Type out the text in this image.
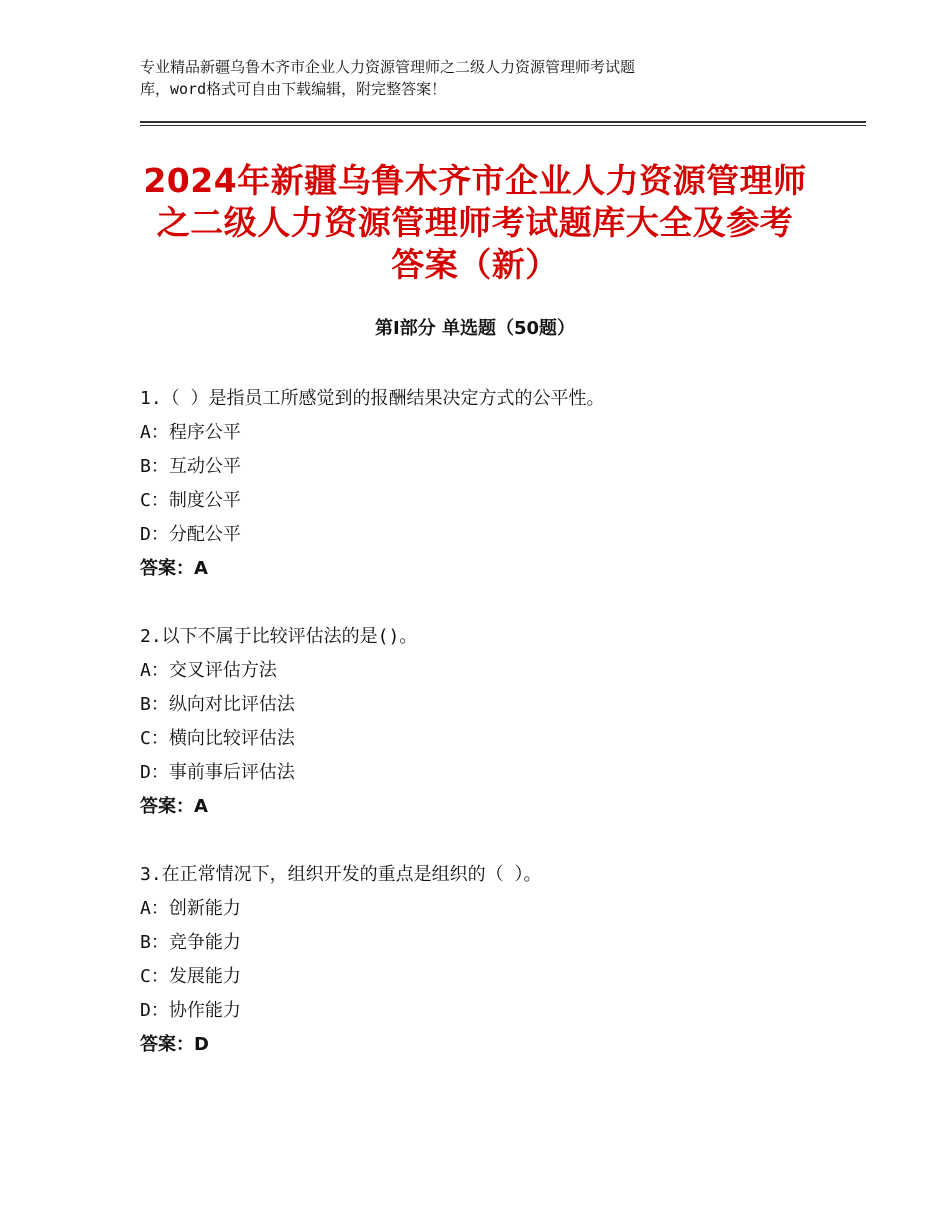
专业精品新疆乌鲁木齐市企业人力资源管理师之二级人力资源管理师考试题
库，word格式可自由下载编辑，附完整答案！
2024年新疆乌鲁木齐市企业人力资源管理师
之二级人力资源管理师考试题库大全及参考
答案（新）
第Ⅰ部分 单选题（50题）
1.（ ）是指员工所感觉到的报酬结果决定方式的公平性。
A：程序公平
B：互动公平
C：制度公平
D：分配公平
答案：A
2.以下不属于比较评估法的是()。
A：交叉评估方法
B：纵向对比评估法
C：横向比较评估法
D：事前事后评估法
答案：A
3.在正常情况下，组织开发的重点是组织的（ ）。
A：创新能力
B：竞争能力
C：发展能力
D：协作能力
答案：D
